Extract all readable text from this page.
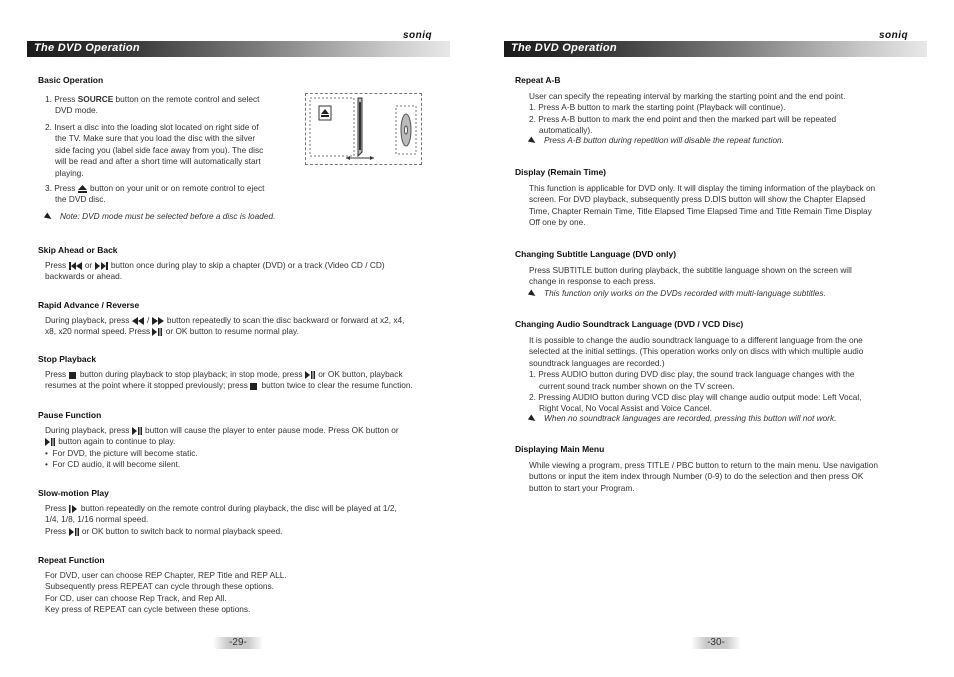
soniq
The DVD Operation
Basic Operation
1. Press SOURCE button on the remote control and select
DVD mode.
2. Insert a disc into the loading slot located on right side of
the TV. Make sure that you load the disc with the silver
side facing you (label side face away from you). The disc
will be read and after a short time will automatically start
playing.
3. Press  button on your unit or on remote control to eject
the DVD disc.
Note: DVD mode must be selected before a disc is loaded.
Skip Ahead or Back
Press  or  button once during play to skip a chapter (DVD) or a track (Video CD / CD)
backwards or ahead.
Rapid Advance / Reverse
During playback, press  /  button repeatedly to scan the disc backward or forward at x2, x4,
x8, x20 normal speed. Press  or OK button to resume normal play.
Stop Playback
Press  button during playback to stop playback; in stop mode, press  or OK button, playback
resumes at the point where it stopped previously; press  button twice to clear the resume function.
Pause Function
During playback, press  button will cause the player to enter pause mode. Press OK button or
button again to continue to play.
•  For DVD, the picture will become static.
•  For CD audio, it will become silent.
Slow-motion Play
Press  button repeatedly on the remote control during playback, the disc will be played at 1/2,
1/4, 1/8, 1/16 normal speed.
Press  or OK button to switch back to normal playback speed.
Repeat Function
For DVD, user can choose REP Chapter, REP Title and REP ALL.
Subsequently press REPEAT can cycle through these options.
For CD, user can choose Rep Track, and Rep All.
Key press of REPEAT can cycle between these options.
-29-
soniq
The DVD Operation
Repeat A-B
User can specify the repeating interval by marking the starting point and the end point.
1. Press A-B button to mark the starting point (Playback will continue).
2. Press A-B button to mark the end point and then the marked part will be repeated
automatically).
Press A-B button during repetition will disable the repeat function.
Display (Remain Time)
This function is applicable for DVD only. It will display the timing information of the playback on
screen. For DVD playback, subsequently press D.DIS button will show the Chapter Elapsed
Time, Chapter Remain Time, Title Elapsed Time Elapsed Time and Title Remain Time Display
Off one by one.
Changing Subtitle Language (DVD only)
Press SUBTITLE button during playback, the subtitle language shown on the screen will
change in response to each press.
This function only works on the DVDs recorded with multi-language subtitles.
Changing Audio Soundtrack Language (DVD / VCD Disc)
It is possible to change the audio soundtrack language to a different language from the one
selected at the initial settings. (This operation works only on discs with which multiple audio
soundtrack languages are recorded.)
1. Press AUDIO button during DVD disc play, the sound track language changes with the
current sound track number shown on the TV screen.
2. Pressing AUDIO button during VCD disc play will change audio output mode: Left Vocal,
Right Vocal, No Vocal Assist and Voice Cancel.
When no soundtrack languages are recorded, pressing this button will not work.
Displaying Main Menu
While viewing a program, press TITLE / PBC button to return to the main menu. Use navigation
buttons or input the item index through Number (0-9) to do the selection and then press OK
button to start your Program.
-30-
